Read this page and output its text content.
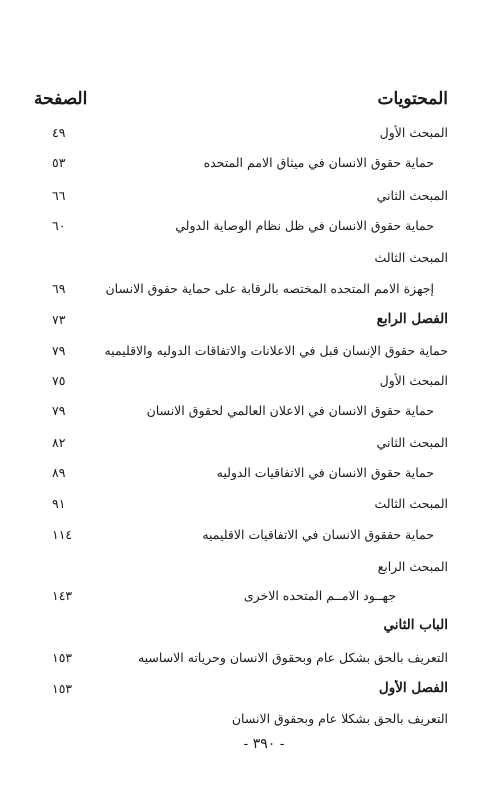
المحتويات
الصفحة
المبحث الأول
٤٩
حماية حقوق الانسان في ميثاق الامم المتحده
٥٣
المبحث الثاني
٦٦
حماية حقوق الانسان في ظل نظام الوصاية الدولي
٦٠
المبحث الثالث
إجهزة الامم المتحده المختصه بالرقابة على حماية حقوق الانسان
٦٩
الفصل الرابع
٧٣
حماية حقوق الإنسان قبل في الاعلانات والاتفاقات الدوليه والاقليميه
٧٩
المبحث الأول
٧٥
حماية حقوق الانسان في الاعلان العالمي لحقوق الانسان
٧٩
المبحث الثاني
٨٢
حماية حقوق الانسان في الاتفاقيات الدوليه
٨٩
المبحث الثالث
٩١
حماية حققوق الانسان في الاتفاقيات الاقليميه
١١٤
المبحث الرابع
جهــود الامــم المتحده الاخرى
١٤٣
الباب الثاني
التعريف بالحق بشكل عام وبحقوق الانسان وحرياته الاساسيه
١٥٣
الفصل الأول
١٥٣
التعريف بالحق بشكلا عام وبحقوق الانسان
- ٣٩٠ -
